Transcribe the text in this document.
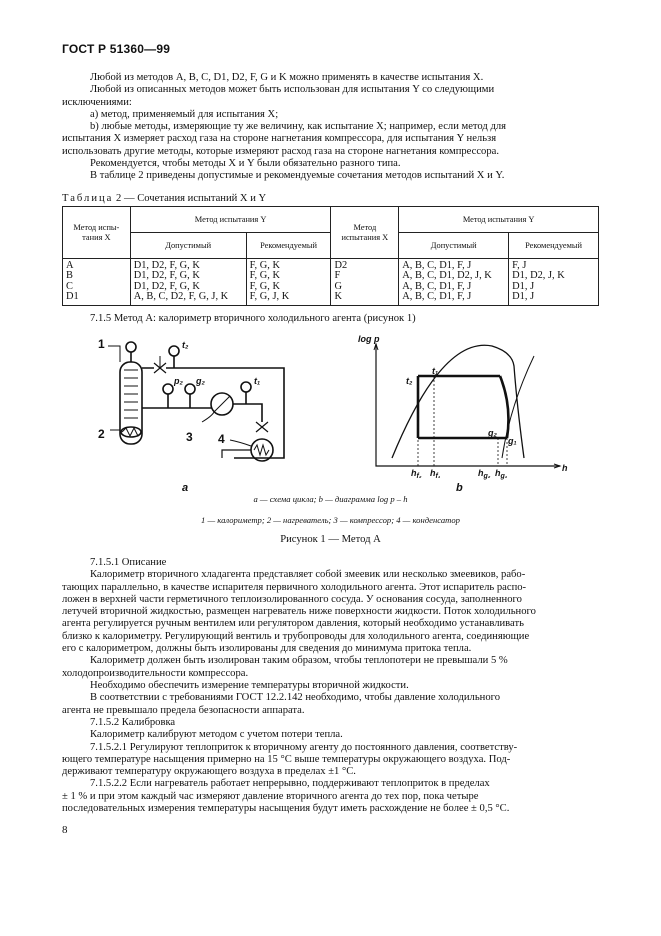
ГОСТ Р 51360—99

Любой из методов A, B, C, D1, D2, F, G и K можно применять в качестве испытания X.

Любой из описанных методов может быть использован для испытания Y со следующими

исключениями:

a) метод, применяемый для испытания X;

b) любые методы, измеряющие ту же величину, как испытание X; например, если метод для

испытания X измеряет расход газа на стороне нагнетания компрессора, для испытания Y нельзя

использовать другие методы, которые измеряют расход газа на стороне нагнетания компрессора.

Рекомендуется, чтобы методы X и Y были обязательно разного типа.

В таблице 2 приведены допустимые и рекомендуемые сочетания методов испытаний X и Y.

Таблица 2 — Сочетания испытаний X и Y
Метод испы-тания X	Метод испытания Y		Метод испытания X	Метод испытания Y	
	Допустимый	Рекомендуемый		Допустимый	Рекомендуемый
A	D1, D2, F, G, K	F, G, K	D2	A, B, C, D1, F, J	F, J
B	D1, D2, F, G, K	F, G, K	F	A, B, C, D1, D2, J, K	D1, D2, J, K
C	D1, D2, F, G, K	F, G, K	G	A, B, C, D1, F, J	D1, J
D1	A, B, C, D2, F, G, J, K	F, G, J, K	K	A, B, C, D1, F, J	D1, J

7.1.5 Метод А: калориметр вторичного холодильного агента (рисунок 1)

1
2	3 4
t₂
p₂ g₂	t₁
a
log p
h
t₂
t₁
g₂
g₁
$h_{f_2}$ $h_{f_1}$	$h_{g_2}$ $h_{g_1}$
b
a — схема цикла; b — диаграмма log p – h
1 — калориметр; 2 — нагреватель; 3 — компрессор; 4 — конденсатор
Рисунок 1 — Метод А

7.1.5.1 Описание

Калориметр вторичного хладагента представляет собой змеевик или несколько змеевиков, рабо-

тающих параллельно, в качестве испарителя первичного холодильного агента. Этот испаритель распо-

ложен в верхней части герметичного теплоизолированного сосуда. У основания сосуда, заполненного

летучей вторичной жидкостью, размещен нагреватель ниже поверхности жидкости. Поток холодильного

агента регулируется ручным вентилем или регулятором давления, который необходимо устанавливать

близко к калориметру. Регулирующий вентиль и трубопроводы для холодильного агента, соединяющие

его с калориметром, должны быть изолированы для сведения до минимума притока тепла.

Калориметр должен быть изолирован таким образом, чтобы теплопотери не превышали 5 %

холодопроизводительности компрессора.

Необходимо обеспечить измерение температуры вторичной жидкости.

В соответствии с требованиями ГОСТ 12.2.142 необходимо, чтобы давление холодильного

агента не превышало предела безопасности аппарата.

7.1.5.2 Калибровка

Калориметр калибруют методом с учетом потери тепла.

7.1.5.2.1 Регулируют теплоприток к вторичному агенту до постоянного давления, соответству-

ющего температуре насыщения примерно на 15 °С выше температуры окружающего воздуха. Под-

держивают температуру окружающего воздуха в пределах ±1 °С.

7.1.5.2.2 Если нагреватель работает непрерывно, поддерживают теплоприток в пределах

± 1 % и при этом каждый час измеряют давление вторичного агента до тех пор, пока четыре

последовательных измерения температуры насыщения будут иметь расхождение не более ± 0,5 °С.

8
